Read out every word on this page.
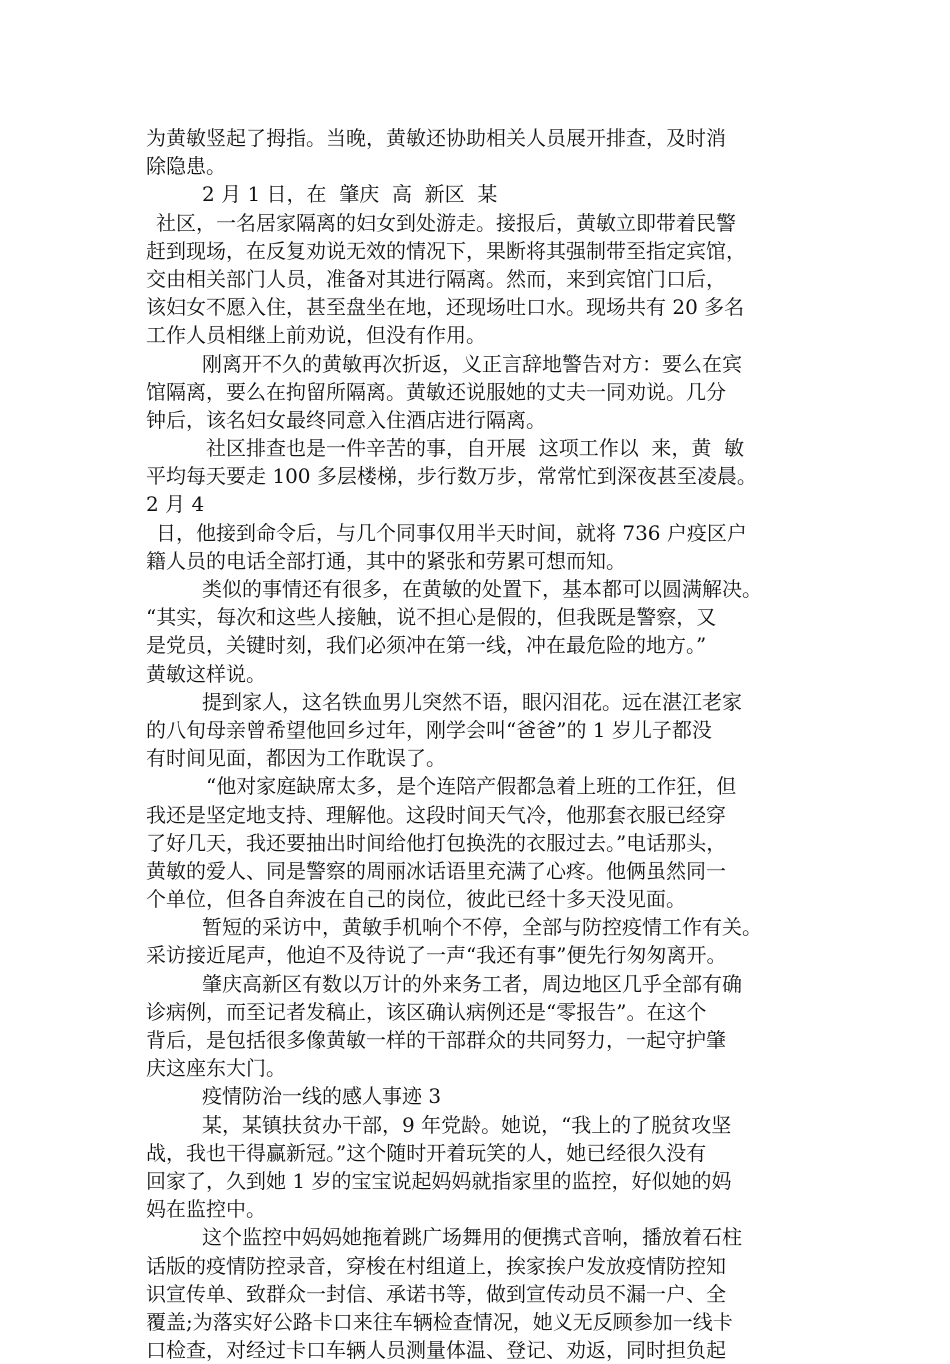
为黄敏竖起了拇指。当晚，黄敏还协助相关人员展开排查，及时消
除隐患。
2 月 1 日，在  肇庆  高  新区  某
社区，一名居家隔离的妇女到处游走。接报后，黄敏立即带着民警
赶到现场，在反复劝说无效的情况下，果断将其强制带至指定宾馆，
交由相关部门人员，准备对其进行隔离。然而，来到宾馆门口后，
该妇女不愿入住，甚至盘坐在地，还现场吐口水。现场共有 20 多名
工作人员相继上前劝说，但没有作用。
刚离开不久的黄敏再次折返，义正言辞地警告对方：要么在宾
馆隔离，要么在拘留所隔离。黄敏还说服她的丈夫一同劝说。几分
钟后，该名妇女最终同意入住酒店进行隔离。
社区排查也是一件辛苦的事，自开展  这项工作以  来，黄  敏
平均每天要走 100 多层楼梯，步行数万步，常常忙到深夜甚至凌晨。
2 月 4
日，他接到命令后，与几个同事仅用半天时间，就将 736 户疫区户
籍人员的电话全部打通，其中的紧张和劳累可想而知。
类似的事情还有很多，在黄敏的处置下，基本都可以圆满解决。
“其实，每次和这些人接触，说不担心是假的，但我既是警察，又
是党员，关键时刻，我们必须冲在第一线，冲在最危险的地方。”
黄敏这样说。
提到家人，这名铁血男儿突然不语，眼闪泪花。远在湛江老家
的八旬母亲曾希望他回乡过年，刚学会叫“爸爸”的 1 岁儿子都没
有时间见面，都因为工作耽误了。
“他对家庭缺席太多，是个连陪产假都急着上班的工作狂，但
我还是坚定地支持、理解他。这段时间天气冷，他那套衣服已经穿
了好几天，我还要抽出时间给他打包换洗的衣服过去。”电话那头，
黄敏的爱人、同是警察的周丽冰话语里充满了心疼。他俩虽然同一
个单位，但各自奔波在自己的岗位，彼此已经十多天没见面。
暂短的采访中，黄敏手机响个不停，全部与防控疫情工作有关。
采访接近尾声，他迫不及待说了一声“我还有事”便先行匆匆离开。
肇庆高新区有数以万计的外来务工者，周边地区几乎全部有确
诊病例，而至记者发稿止，该区确认病例还是“零报告”。在这个
背后，是包括很多像黄敏一样的干部群众的共同努力，一起守护肇
庆这座东大门。
疫情防治一线的感人事迹 3
某，某镇扶贫办干部，9 年党龄。她说，“我上的了脱贫攻坚
战，我也干得赢新冠。”这个随时开着玩笑的人，她已经很久没有
回家了，久到她 1 岁的宝宝说起妈妈就指家里的监控，好似她的妈
妈在监控中。
这个监控中妈妈她拖着跳广场舞用的便携式音响，播放着石柱
话版的疫情防控录音，穿梭在村组道上，挨家挨户发放疫情防控知
识宣传单、致群众一封信、承诺书等，做到宣传动员不漏一户、全
覆盖;为落实好公路卡口来往车辆检查情况，她义无反顾参加一线卡
口检查，对经过卡口车辆人员测量体温、登记、劝返，同时担负起
